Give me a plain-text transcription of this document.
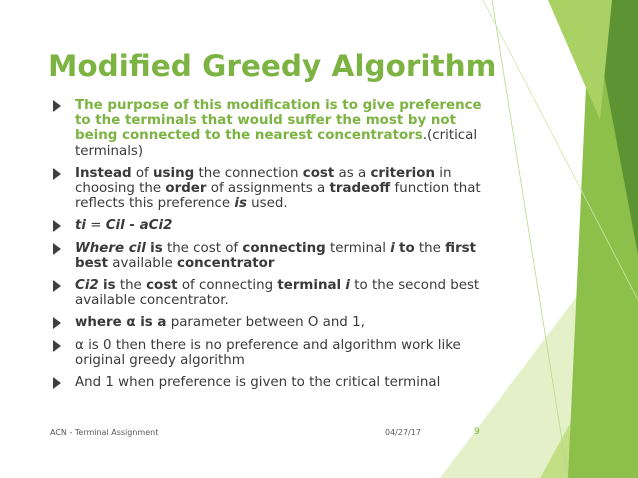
Modified Greedy Algorithm
The purpose of this modification is to give preference to the terminals that would suffer the most by not being connected to the nearest concentrators.(critical terminals)
Instead of using the connection cost as a criterion in choosing the order of assignments a tradeoff function that reflects this preference is used.
ti = Cil - aCi2
Where cil is the cost of connecting terminal i to the first best available concentrator
Ci2 is the cost of connecting terminal i to the second best available concentrator.
where α is a parameter between O and 1,
α is 0 then there is no preference and algorithm work like original greedy algorithm
And 1 when preference is given to the critical terminal
ACN - Terminal Assignment	04/27/17	9
